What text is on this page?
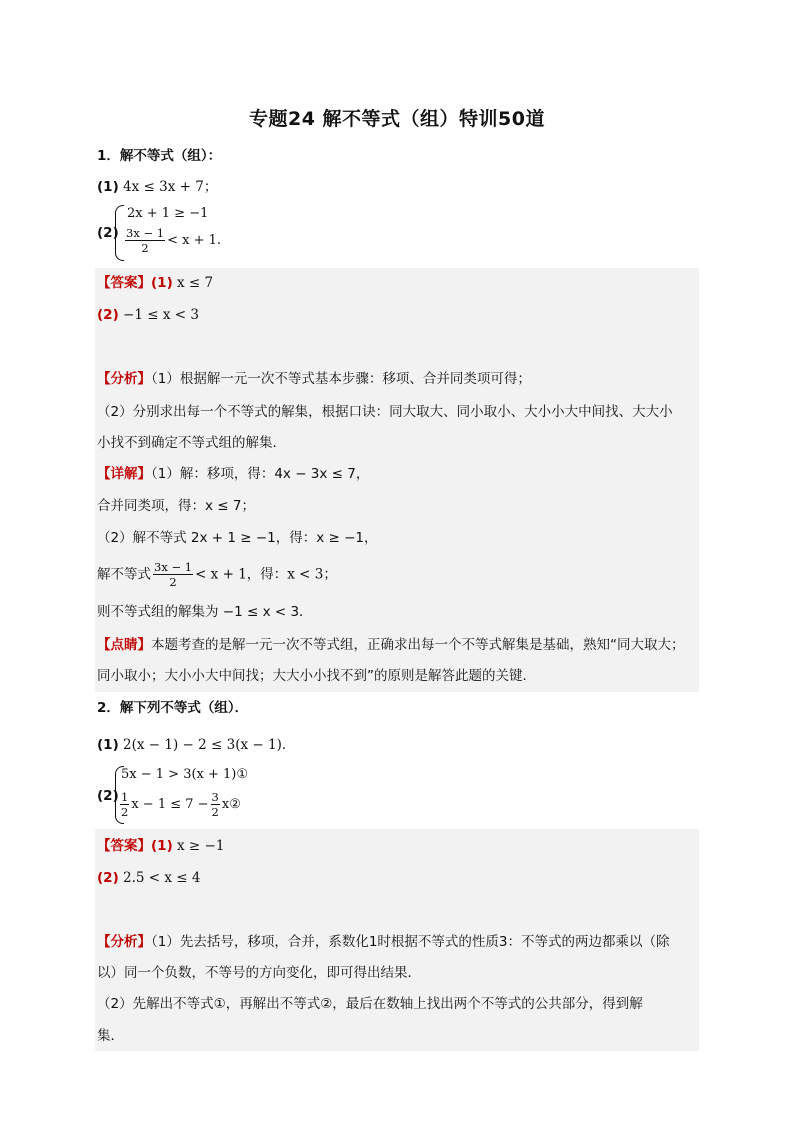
专题24 解不等式（组）特训50道
1．解不等式（组）：
(1) 4x ≤ 3x + 7；
(2)
2x + 1 ≥ −1
$\frac{3x - 1}{2} < x + 1$.
【答案】(1) x ≤ 7
(2) −1 ≤ x < 3
【分析】（1）根据解一元一次不等式基本步骤：移项、合并同类项可得；
（2）分别求出每一个不等式的解集，根据口诀：同大取大、同小取小、大小小大中间找、大大小
小找不到确定不等式组的解集．
【详解】（1）解：移项，得：4x − 3x ≤ 7，
合并同类项，得：x ≤ 7；
（2）解不等式 2x + 1 ≥ −1，得：x ≥ −1，
解不等式 $\frac{3x - 1}{2} < x + 1$，得：x < 3；
则不等式组的解集为 −1 ≤ x < 3．
【点睛】本题考查的是解一元一次不等式组，正确求出每一个不等式解集是基础，熟知“同大取大；
同小取小；大小小大中间找；大大小小找不到”的原则是解答此题的关键．
2．解下列不等式（组）．
(1) 2(x − 1) − 2 ≤ 3(x − 1)．
(2)
5x − 1 > 3(x + 1)①
$\frac{1}{2}$ $x - 1 \le 7 - \frac{3}{2}$ x②
【答案】(1) x ≥ −1
(2) 2.5 < x ≤ 4
【分析】（1）先去括号，移项，合并，系数化1时根据不等式的性质3：不等式的两边都乘以（除
以）同一个负数，不等号的方向变化，即可得出结果．
（2）先解出不等式①，再解出不等式②，最后在数轴上找出两个不等式的公共部分，得到解
集．
